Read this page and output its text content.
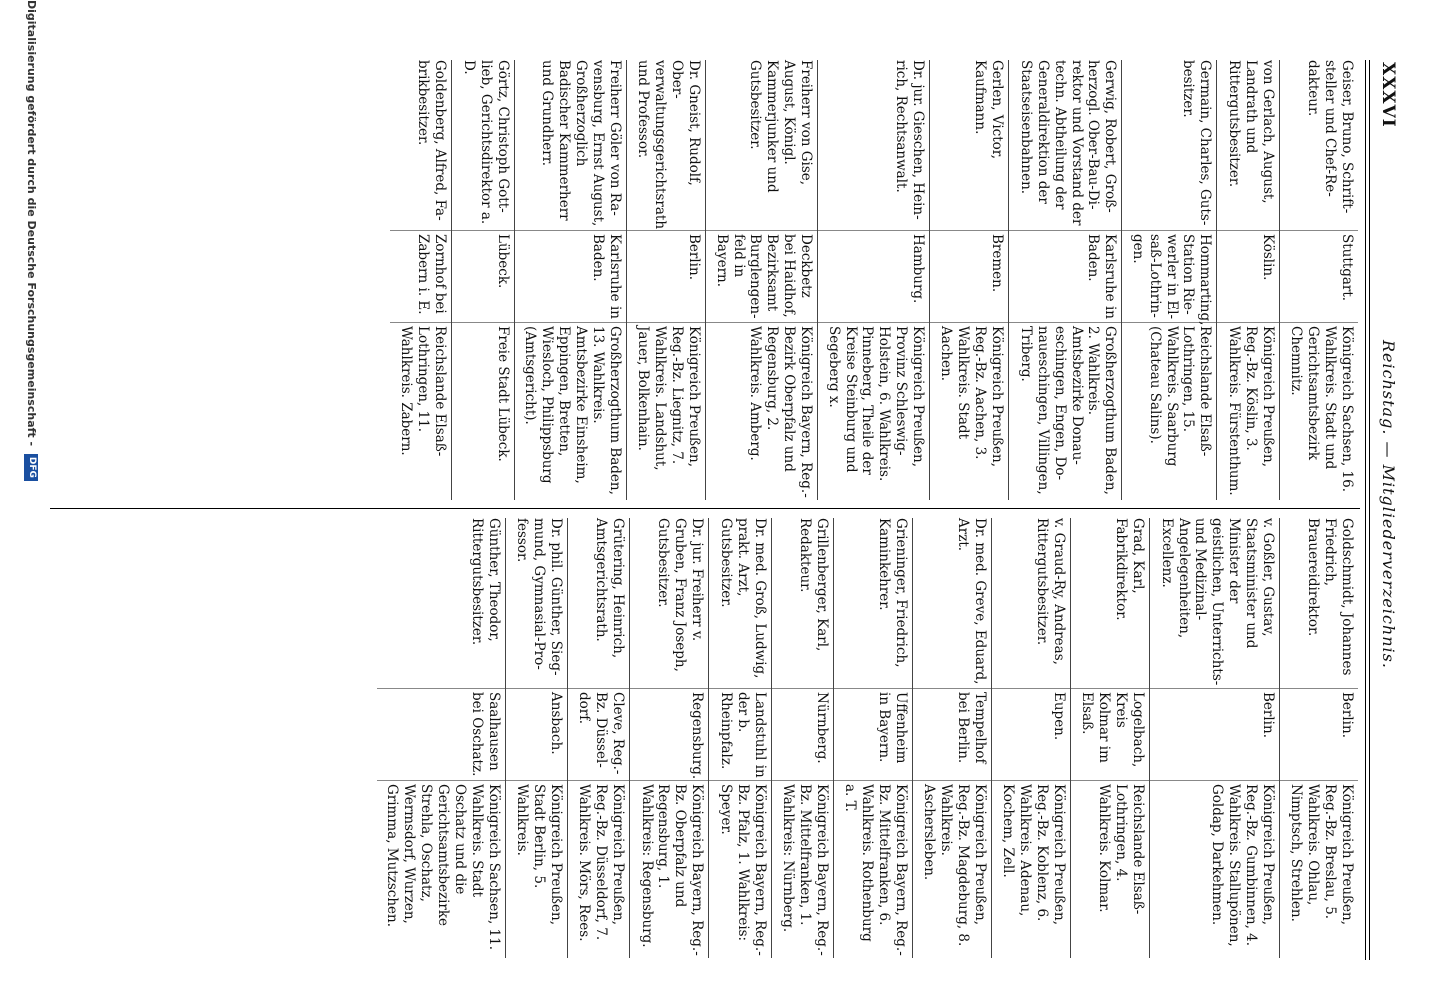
XXXVI
Reichstag. — Mitgliederverzeichnis.
Geiser, Bruno, Schriftsteller und Chef-Redakteur.
Stuttgart.
Königreich Sachsen, 16. Wahlkreis. Stadt und Gerichtsamtsbezirk Chemnitz.
von Gerlach, August, Landrath und Rittergutsbesitzer.
Köslin.
Königreich Preußen, Reg.-Bz. Köslin, 3. Wahlkreis. Fürstenthum.
Germain, Charles, Gutsbesitzer.
Hommarting, Station Riewerler in Elsaß-Lothringen.
Reichslande Elsaß-Lothringen, 15. Wahlkreis. Saarburg (Chateau Salins).
Gerwig, Robert, Großherzogl. Ober-Bau-Direktor und Vorstand der techn. Abtheilung der Generaldirektion der Staatseisenbahnen.
Karlsruhe in Baden.
Großherzogthum Baden, 2. Wahlkreis. Amtsbezirke Donaueschingen, Engen, Donaueschingen, Villingen, Triberg.
Gerlen, Victor, Kaufmann.
Bremen.
Königreich Preußen, Reg.-Bz. Aachen, 3. Wahlkreis. Stadt Aachen.
Dr. jur. Gieschen, Heinrich, Rechtsanwalt.
Hamburg.
Königreich Preußen, Provinz Schleswig-Holstein, 6. Wahlkreis. Pinneberg, Theile der Kreise Steinburg und Segeberg x.
Freiherr von Gise, August, Königl. Kammerjunker und Gutsbesitzer.
Deckbetz bei Haidhof, Bezirksamt Burglengenfeld in Bayern.
Königreich Bayern, Reg.-Bezirk Oberpfalz und Regensburg, 2. Wahlkreis. Amberg.
Dr. Gneist, Rudolf, Oberverwaltungsgerichtsrath und Professor.
Berlin.
Königreich Preußen, Reg.-Bz. Liegnitz, 7. Wahlkreis. Landshut, Jauer, Bolkenhain.
Freiherr Göler von Ravensburg, Ernst August, Großherzoglich Badischer Kammerherr und Grundherr.
Karlsruhe in Baden.
Großherzogthum Baden, 13. Wahlkreis. Amtsbezirke Einsheim, Eppingen, Bretten, Wiesloch, Philippsburg (Amtsgericht).
Görtz, Christoph Gottlieb, Gerichtsdirektor a. D.
Lübeck.
Freie Stadt Lübeck.
Goldenberg, Alfred, Fabrikbesitzer.
Zornhof bei Zabern i. E.
Reichslande Elsaß-Lothringen, 11. Wahlkreis. Zabern.
Goldschmidt, Johannes Friedrich, Brauereidirektor.
Berlin.
Königreich Preußen, Reg.-Bz. Breslau, 5. Wahlkreis. Ohlau, Nimptsch, Strehlen.
v. Goßler, Gustav, Staatsminister und Minister der geistlichen, Unterrichts- und Medizinal-Angelegenheiten, Excellenz.
Berlin.
Königreich Preußen, Reg.-Bz. Gumbinnen, 4. Wahlkreis. Stallupönen, Goldap, Darkehmen.
Grad, Karl, Fabrikdirektor.
Logelbach, Kreis Kolmar im Elsaß.
Reichslande Elsaß-Lothringen, 4. Wahlkreis. Kolmar.
v. Graud-Ry, Andreas, Rittergutsbesitzer.
Eupen.
Königreich Preußen, Reg.-Bz. Koblenz, 6. Wahlkreis. Adenau, Kochem, Zell.
Dr. med. Greve, Eduard, Arzt.
Tempelhof bei Berlin.
Königreich Preußen, Reg.-Bz. Magdeburg, 8. Wahlkreis. Aschersleben.
Grieninger, Friedrich, Kaminkehrer.
Uffenheim in Bayern.
Königreich Bayern, Reg.-Bz. Mittelfranken, 6. Wahlkreis. Rothenburg a. T.
Grillenberger, Karl, Redakteur.
Nürnberg.
Königreich Bayern, Reg.-Bz. Mittelfranken, 1. Wahlkreis: Nürnberg.
Dr. med. Groß, Ludwig, prakt. Arzt, Gutsbesitzer.
Landstuhl in der b. Rheinpfalz.
Königreich Bayern, Reg.-Bz. Pfalz, 1. Wahlkreis: Speyer.
Dr. jur. Freiherr v. Gruben, Franz Joseph, Gutsbesitzer.
Regensburg.
Königreich Bayern, Reg.-Bz. Oberpfalz und Regensburg, 1. Wahlkreis: Regensburg.
Grütering, Heinrich, Amtsgerichtsrath.
Cleve, Reg.-Bz. Düsseldorf.
Königreich Preußen, Reg.-Bz. Düsseldorf, 7. Wahlkreis. Mörs, Rees.
Dr. phil. Günther, Siegmund, Gymnasial-Professor.
Ansbach.
Königreich Preußen, Stadt Berlin, 5. Wahlkreis.
Günther, Theodor, Rittergutsbesitzer.
Saalhausen bei Oschatz.
Königreich Sachsen, 11. Wahlkreis. Stadt Oschatz und die Gerichtsamtsbezirke Strehla, Oschatz, Wermsdorf, Wurzen, Grimma, Mutzschen.
Digitalisierung gefördert durch die Deutsche Forschungsgemeinschaft - DFG
